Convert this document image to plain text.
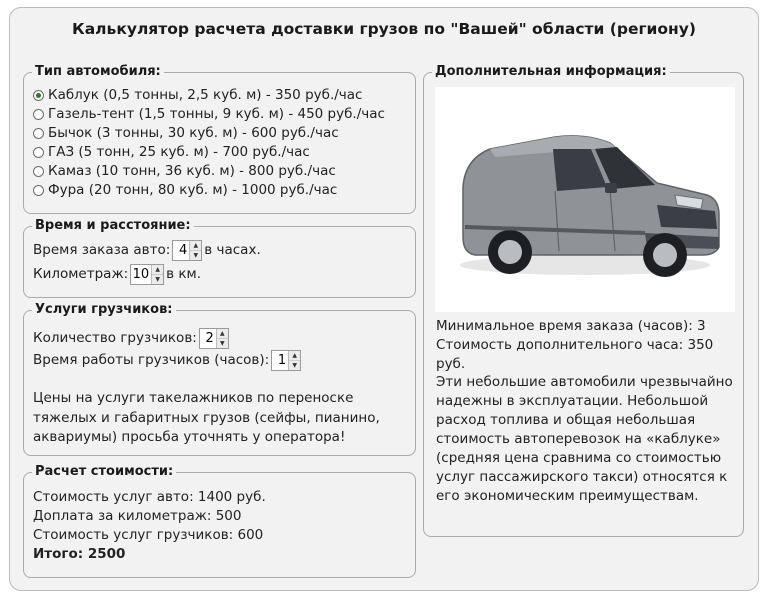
Калькулятор расчета доставки грузов по "Вашей" области (региону)
Тип автомобиля:
Каблук (0,5 тонны, 2,5 куб. м) - 350 руб./час
Газель-тент (1,5 тонны, 9 куб. м) - 450 руб./час
Бычок (3 тонны, 30 куб. м) - 600 руб./час
ГАЗ (5 тонн, 25 куб. м) - 700 руб./час
Камаз (10 тонн, 36 куб. м) - 800 руб./час
Фура (20 тонн, 80 куб. м) - 1000 руб./час
Время и расстояние:
Время заказа авто:
4	▲
▼ в часах.
Километраж:
10	▲
▼ в км.
Услуги грузчиков:
Количество грузчиков:
2	▲
▼
Время работы грузчиков (часов):
1	▲
▼
Цены на услуги такелажников по переноске тяжелых и габаритных грузов (сейфы, пианино, аквариумы) просьба уточнять у оператора!
Расчет стоимости:
Стоимость услуг авто: 1400 руб.
Доплата за километраж: 500
Стоимость услуг грузчиков: 600
Итого: 2500
Дополнительная информация:
Минимальное время заказа (часов): 3
Стоимость дополнительного часа: 350 руб.
Эти небольшие автомобили чрезвычайно надежны в эксплуатации. Небольшой расход топлива и общая небольшая стоимость автоперевозок на «каблуке» (средняя цена сравнима со стоимостью услуг пассажирского такси) относятся к его экономическим преимуществам.
